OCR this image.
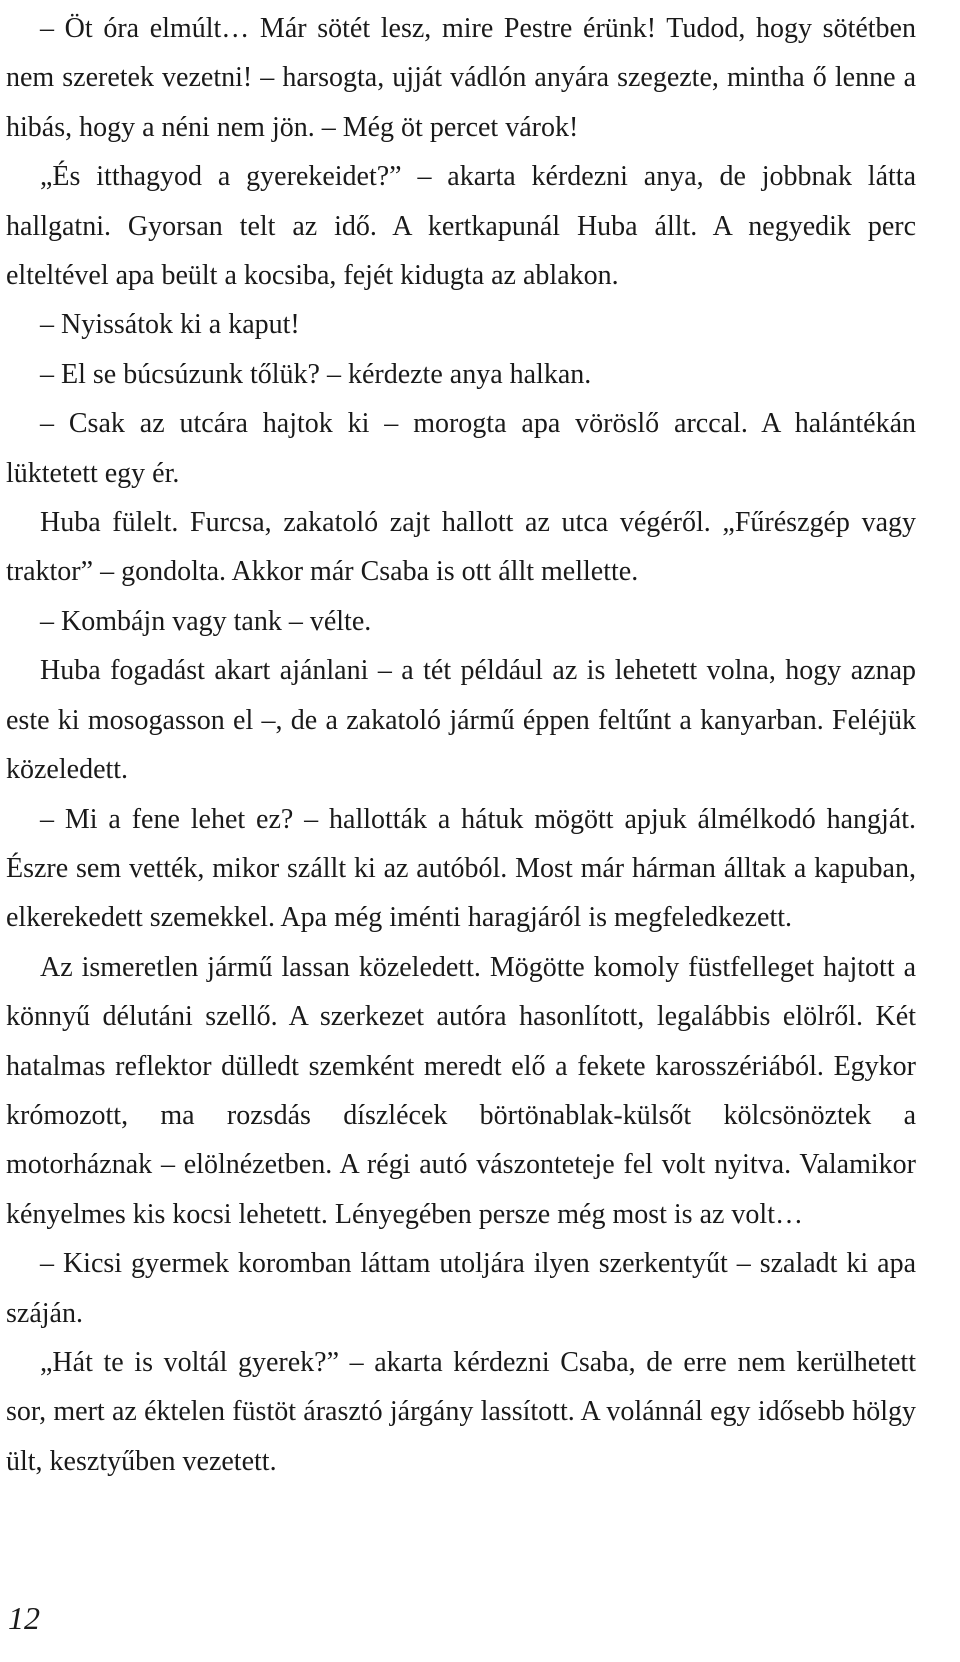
– Öt óra elmúlt… Már sötét lesz, mire Pestre érünk! Tudod, hogy sötétben nem szeretek vezetni! – harsogta, ujját vádlón anyára szegezte, mintha ő lenne a hibás, hogy a néni nem jön. – Még öt percet várok!

„És itthagyod a gyerekeidet?” – akarta kérdezni anya, de jobbnak látta hallgatni. Gyorsan telt az idő. A kertkapunál Huba állt. A negyedik perc elteltével apa beült a kocsiba, fejét kidugta az ablakon.

– Nyissátok ki a kaput!

– El se búcsúzunk tőlük? – kérdezte anya halkan.

– Csak az utcára hajtok ki – morogta apa vöröslő arccal. A halántékán lüktetett egy ér.

Huba fülelt. Furcsa, zakatoló zajt hallott az utca végéről. „Fűrészgép vagy traktor” – gondolta. Akkor már Csaba is ott állt mellette.

– Kombájn vagy tank – vélte.

Huba fogadást akart ajánlani – a tét például az is lehetett volna, hogy aznap este ki mosogasson el –, de a zakatoló jármű éppen feltűnt a kanyarban. Feléjük közeledett.

– Mi a fene lehet ez? – hallották a hátuk mögött apjuk álmélkodó hangját. Észre sem vették, mikor szállt ki az autóból. Most már hárman álltak a kapuban, elkerekedett szemekkel. Apa még iménti haragjáról is megfeledkezett.

Az ismeretlen jármű lassan közeledett. Mögötte komoly füstfelleget hajtott a könnyű délutáni szellő. A szerkezet autóra hasonlított, legalábbis elölről. Két hatalmas reflektor dülledt szemként meredt elő a fekete karosszériából. Egykor krómozott, ma rozsdás díszlécek börtönablak-külsőt kölcsönöztek a motorháznak – elölnézetben. A régi autó vászonteteje fel volt nyitva. Valamikor kényelmes kis kocsi lehetett. Lényegében persze még most is az volt…

– Kicsi gyermek koromban láttam utoljára ilyen szerkentyűt – szaladt ki apa száján.

„Hát te is voltál gyerek?” – akarta kérdezni Csaba, de erre nem kerülhetett sor, mert az éktelen füstöt árasztó járgány lassított. A volánnál egy idősebb hölgy ült, kesztyűben vezetett.

12
